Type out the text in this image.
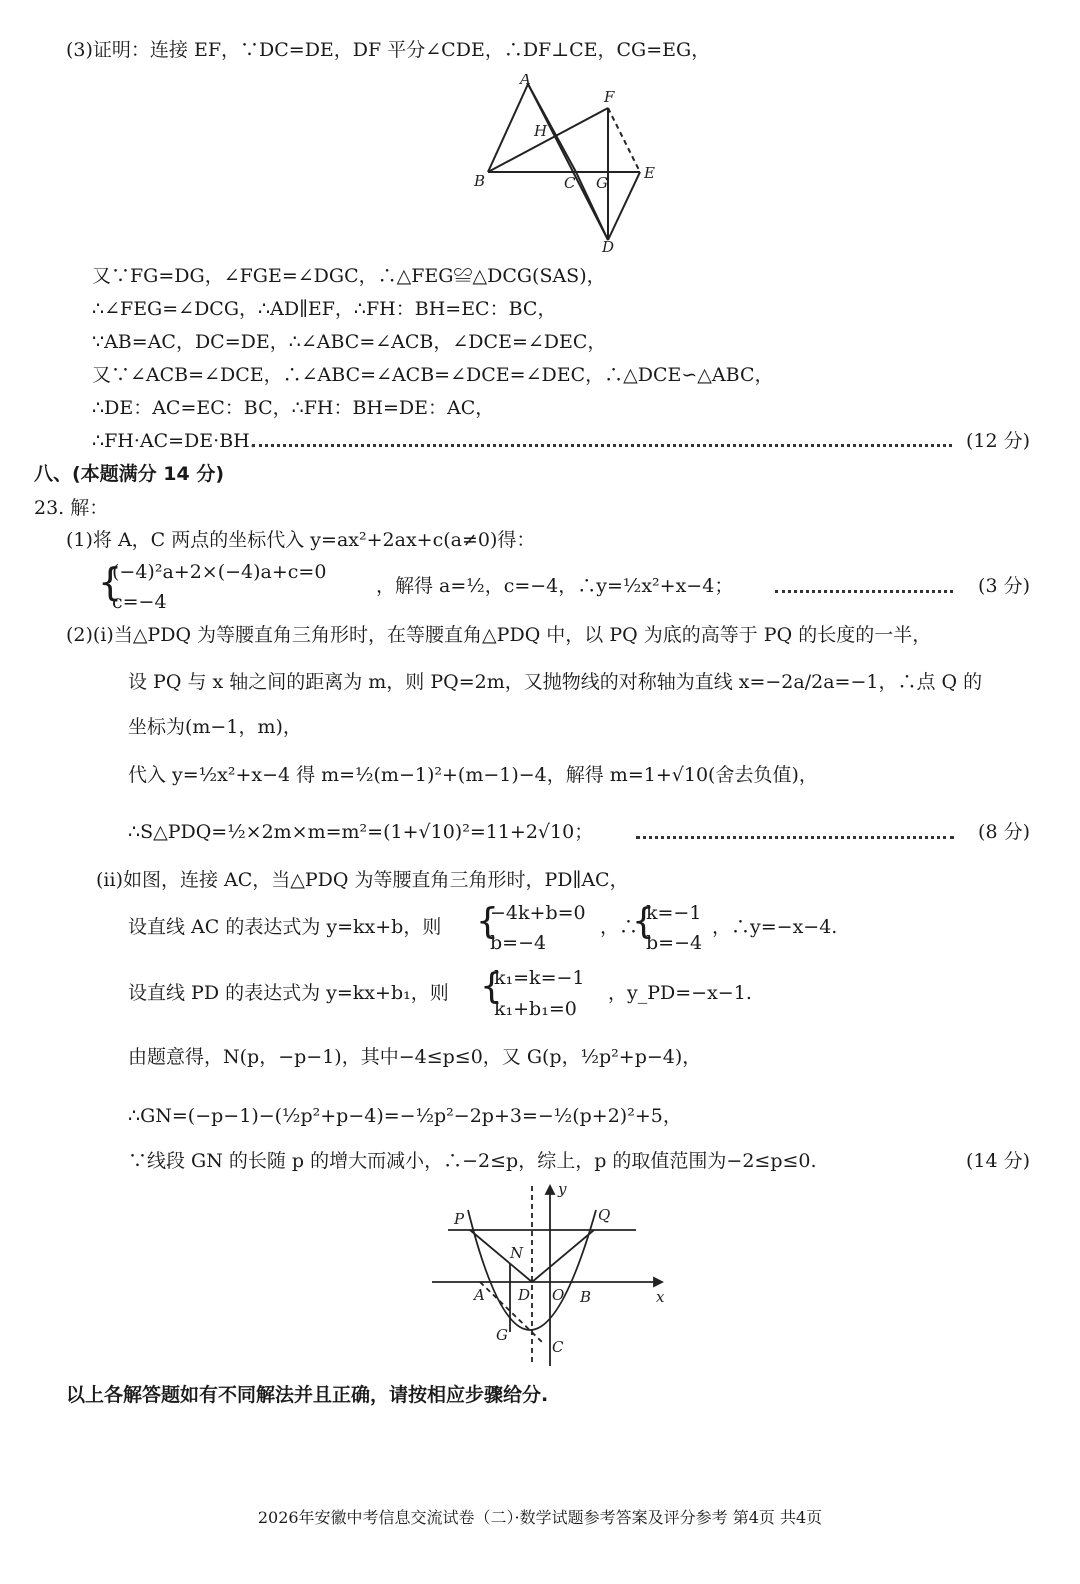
(3)证明：连接 EF，∵DC=DE，DF 平分∠CDE，∴DF⊥CE，CG=EG，
A
H
F
B	C G
E
D
又∵FG=DG，∠FGE=∠DGC，∴△FEG≌△DCG(SAS)，
∴∠FEG=∠DCG，∴AD∥EF，∴FH：BH=EC：BC，
∵AB=AC，DC=DE，∴∠ABC=∠ACB，∠DCE=∠DEC，
又∵∠ACB=∠DCE，∴∠ABC=∠ACB=∠DCE=∠DEC，∴△DCE∽△ABC，
∴DE：AC=EC：BC，∴FH：BH=DE：AC，
∴FH·AC=DE·BH.	(12 分)
八、(本题满分 14 分)
23. 解：
(1)将 A，C 两点的坐标代入 y=ax²+2ax+c(a≠0)得：
{
(−4)²a+2×(−4)a+c=0
c=−4
，解得 a=½，c=−4，∴y=½x²+x−4；	(3 分)
(2)(i)当△PDQ 为等腰直角三角形时，在等腰直角△PDQ 中，以 PQ 为底的高等于 PQ 的长度的一半，
设 PQ 与 x 轴之间的距离为 m，则 PQ=2m，又抛物线的对称轴为直线 x=−2a/2a=−1，∴点 Q 的
坐标为(m−1，m)，
代入 y=½x²+x−4 得 m=½(m−1)²+(m−1)−4，解得 m=1+√10(舍去负值)，
∴S△PDQ=½×2m×m=m²=(1+√10)²=11+2√10；	(8 分)
(ii)如图，连接 AC，当△PDQ 为等腰直角三角形时，PD∥AC，
设直线 AC 的表达式为 y=kx+b，则 {
−4k+b=0
b=−4
，∴
{
k=−1
b=−4
，∴y=−x−4.
设直线 PD 的表达式为 y=kx+b₁，则 {
k₁=k=−1
k₁+b₁=0
，y_PD=−x−1.
由题意得，N(p，−p−1)，其中−4≤p≤0，又 G(p，½p²+p−4)，
∴GN=(−p−1)−(½p²+p−4)=−½p²−2p+3=−½(p+2)²+5，
∵线段 GN 的长随 p 的增大而减小，∴−2≤p，综上，p 的取值范围为−2≤p≤0.	(14 分)
y
P	Q
N
A D O B	x
G
C
以上各解答题如有不同解法并且正确，请按相应步骤给分.
2026年安徽中考信息交流试卷（二）·数学试题参考答案及评分参考 第4页 共4页
